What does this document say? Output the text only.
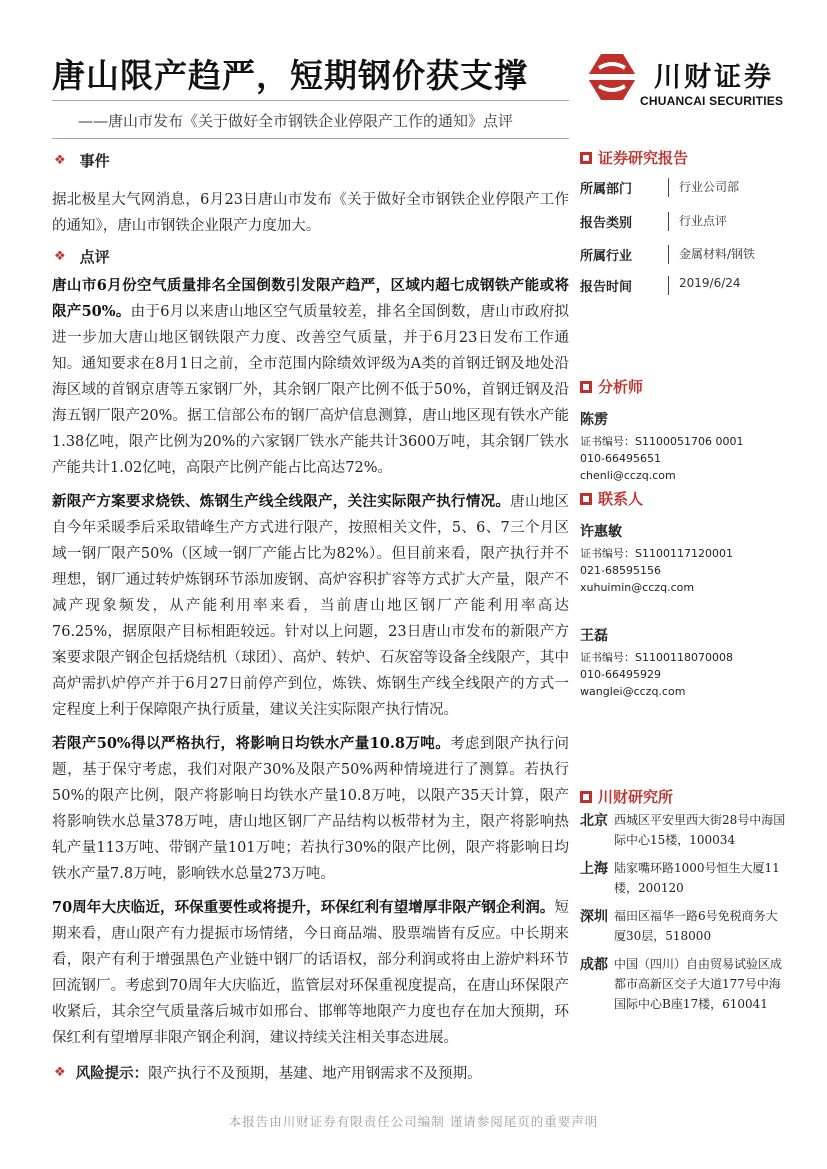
唐山限产趋严，短期钢价获支撑
——唐山市发布《关于做好全市钢铁企业停限产工作的通知》点评
川财证券
CHUANCAI SECURITIES
❖ 事件

据北极星大气网消息，6月23日唐山市发布《关于做好全市钢铁企业停限产工作的通知》，唐山市钢铁企业限产力度加大。

❖ 点评

唐山市6月份空气质量排名全国倒数引发限产趋严，区域内超七成钢铁产能或将限产50%。由于6月以来唐山地区空气质量较差，排名全国倒数，唐山市政府拟进一步加大唐山地区钢铁限产力度、改善空气质量，并于6月23日发布工作通知。通知要求在8月1日之前，全市范围内除绩效评级为A类的首钢迁钢及地处沿海区域的首钢京唐等五家钢厂外，其余钢厂限产比例不低于50%，首钢迁钢及沿海五钢厂限产20%。据工信部公布的钢厂高炉信息测算，唐山地区现有铁水产能1.38亿吨，限产比例为20%的六家钢厂铁水产能共计3600万吨，其余钢厂铁水产能共计1.02亿吨，高限产比例产能占比高达72%。

新限产方案要求烧铁、炼钢生产线全线限产，关注实际限产执行情况。唐山地区自今年采暖季后采取错峰生产方式进行限产，按照相关文件，5、6、7三个月区域一钢厂限产50%（区域一钢厂产能占比为82%）。但目前来看，限产执行并不理想，钢厂通过转炉炼钢环节添加废钢、高炉容积扩容等方式扩大产量，限产不减产现象频发，从产能利用率来看，当前唐山地区钢厂产能利用率高达76.25%，据原限产目标相距较远。针对以上问题，23日唐山市发布的新限产方案要求限产钢企包括烧结机（球团）、高炉、转炉、石灰窑等设备全线限产，其中高炉需扒炉停产并于6月27日前停产到位，炼铁、炼钢生产线全线限产的方式一定程度上利于保障限产执行质量，建议关注实际限产执行情况。

若限产50%得以严格执行，将影响日均铁水产量10.8万吨。考虑到限产执行问题，基于保守考虑，我们对限产30%及限产50%两种情境进行了测算。若执行50%的限产比例，限产将影响日均铁水产量10.8万吨，以限产35天计算，限产将影响铁水总量378万吨，唐山地区钢厂产品结构以板带材为主，限产将影响热轧产量113万吨、带钢产量101万吨；若执行30%的限产比例，限产将影响日均铁水产量7.8万吨，影响铁水总量273万吨。

70周年大庆临近，环保重要性或将提升，环保红利有望增厚非限产钢企利润。短期来看，唐山限产有力提振市场情绪，今日商品端、股票端皆有反应。中长期来看，限产有利于增强黑色产业链中钢厂的话语权，部分利润或将由上游炉料环节回流钢厂。考虑到70周年大庆临近，监管层对环保重视度提高，在唐山环保限产收紧后，其余空气质量落后城市如邢台、邯郸等地限产力度也存在加大预期，环保红利有望增厚非限产钢企利润，建议持续关注相关事态进展。

❖ 风险提示： 限产执行不及预期，基建、地产用钢需求不及预期。
证券研究报告
所属部门	行业公司部
报告类别	行业点评
所属行业	金属材料/钢铁
报告时间	2019/6/24
分析师
陈雳
证书编号：S1100051706 0001
010-66495651
chenli@cczq.com
联系人
许惠敏
证书编号：S1100117120001
021-68595156
xuhuimin@cczq.com
王磊
证书编号：S1100118070008
010-66495929
wanglei@cczq.com
川财研究所
北京 西城区平安里西大街28号中海国际中心15楼，100034
上海 陆家嘴环路1000号恒生大厦11楼，200120
深圳 福田区福华一路6号免税商务大厦30层，518000
成都 中国（四川）自由贸易试验区成都市高新区交子大道177号中海国际中心B座17楼，610041
本报告由川财证券有限责任公司编制 谨请参阅尾页的重要声明
